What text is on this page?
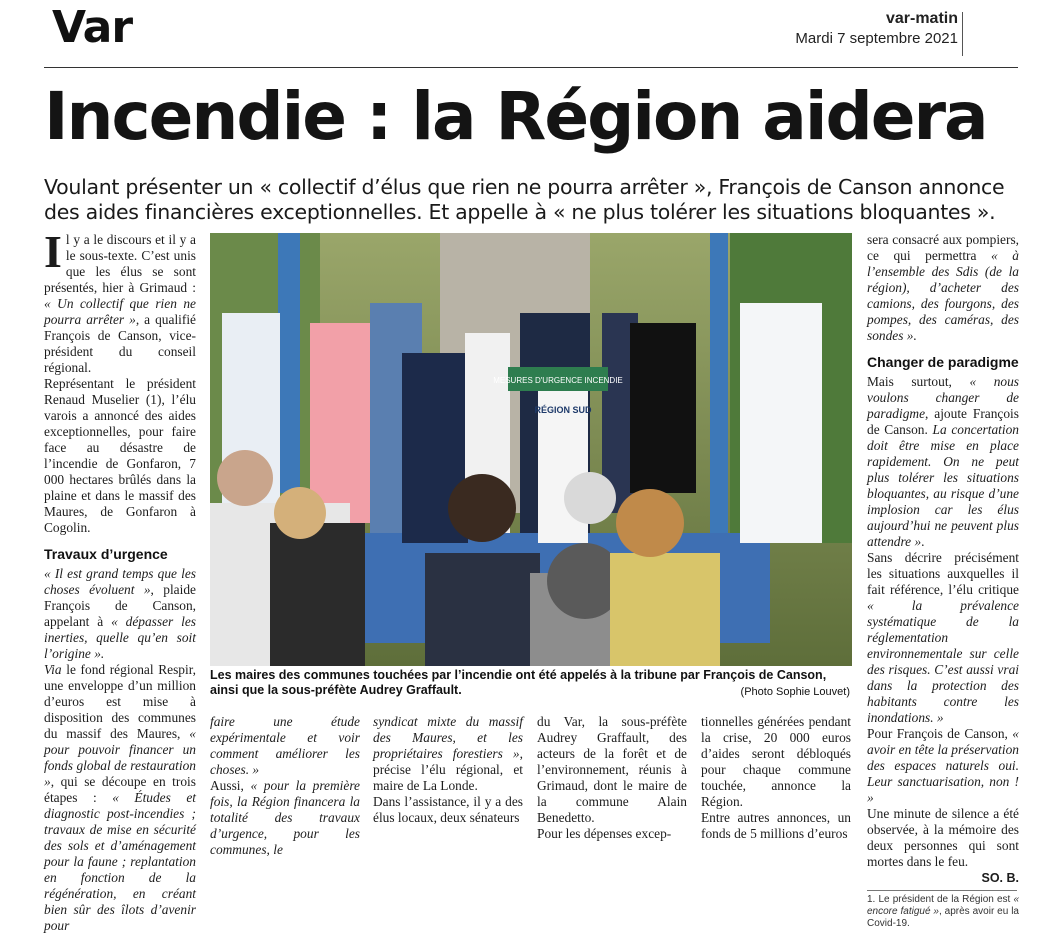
Var	var-matin
Mardi 7 septembre 2021
Incendie : la Région aidera
Voulant présenter un « collectif d’élus que rien ne pourra arrêter », François de Canson annonce des aides financières exceptionnelles. Et appelle à « ne plus tolérer les situations bloquantes ».

Il y a le discours et il y a le sous-texte. C’est unis que les élus se sont présentés, hier à Grimaud : « Un collectif que rien ne pourra arrêter », a qualifié François de Canson, vice-président du conseil régional.

Représentant le président Renaud Muselier (1), l’élu varois a annoncé des aides exceptionnelles, pour faire face au désastre de l’incendie de Gonfaron, 7 000 hectares brûlés dans la plaine et dans le massif des Maures, de Gonfaron à Cogolin.

Travaux d’urgence

« Il est grand temps que les choses évoluent », plaide François de Canson, appelant à « dépasser les inerties, quelle qu’en soit l’origine ».

Via le fond régional Respir, une enveloppe d’un million d’euros est mise à disposition des communes du massif des Maures, « pour pouvoir financer un fonds global de restauration », qui se découpe en trois étapes : « Études et diagnostic post-incendies ; travaux de mise en sécurité des sols et d’aménagement pour la faune ; replantation en fonction de la régénération, en créant bien sûr des îlots d’avenir pour

MESURES D'URGENCE INCENDIE
RÉGION SUD
Les maires des communes touchées par l’incendie ont été appelés à la tribune par François de Canson, ainsi que la sous-préfète Audrey Graffault.	(Photo Sophie Louvet)

faire une étude expérimentale et voir comment améliorer les choses. »

Aussi, « pour la première fois, la Région financera la totalité des travaux d’urgence, pour les communes, le

syndicat mixte du massif des Maures, et les propriétaires forestiers », précise l’élu régional, et maire de La Londe.

Dans l’assistance, il y a des élus locaux, deux sénateurs

du Var, la sous-préfète Audrey Graffault, des acteurs de la forêt et de l’environnement, réunis à Grimaud, dont le maire de la commune Alain Benedetto.

Pour les dépenses excep-

tionnelles générées pendant la crise, 20 000 euros d’aides seront débloqués pour chaque commune touchée, annonce la Région.

Entre autres annonces, un fonds de 5 millions d’euros

sera consacré aux pompiers, ce qui permettra « à l’ensemble des Sdis (de la région), d’acheter des camions, des fourgons, des pompes, des caméras, des sondes ».

Changer de paradigme

Mais surtout, « nous voulons changer de paradigme, ajoute François de Canson. La concertation doit être mise en place rapidement. On ne peut plus tolérer les situations bloquantes, au risque d’une implosion car les élus aujourd’hui ne peuvent plus attendre ».

Sans décrire précisément les situations auxquelles il fait référence, l’élu critique « la prévalence systématique de la réglementation environnementale sur celle des risques. C’est aussi vrai dans la protection des habitants contre les inondations. »

Pour François de Canson, « avoir en tête la préservation des espaces naturels oui. Leur sanctuarisation, non ! »

Une minute de silence a été observée, à la mémoire des deux personnes qui sont mortes dans le feu.

SO. B.
1. Le président de la Région est « encore fatigué », après avoir eu la Covid-19.
